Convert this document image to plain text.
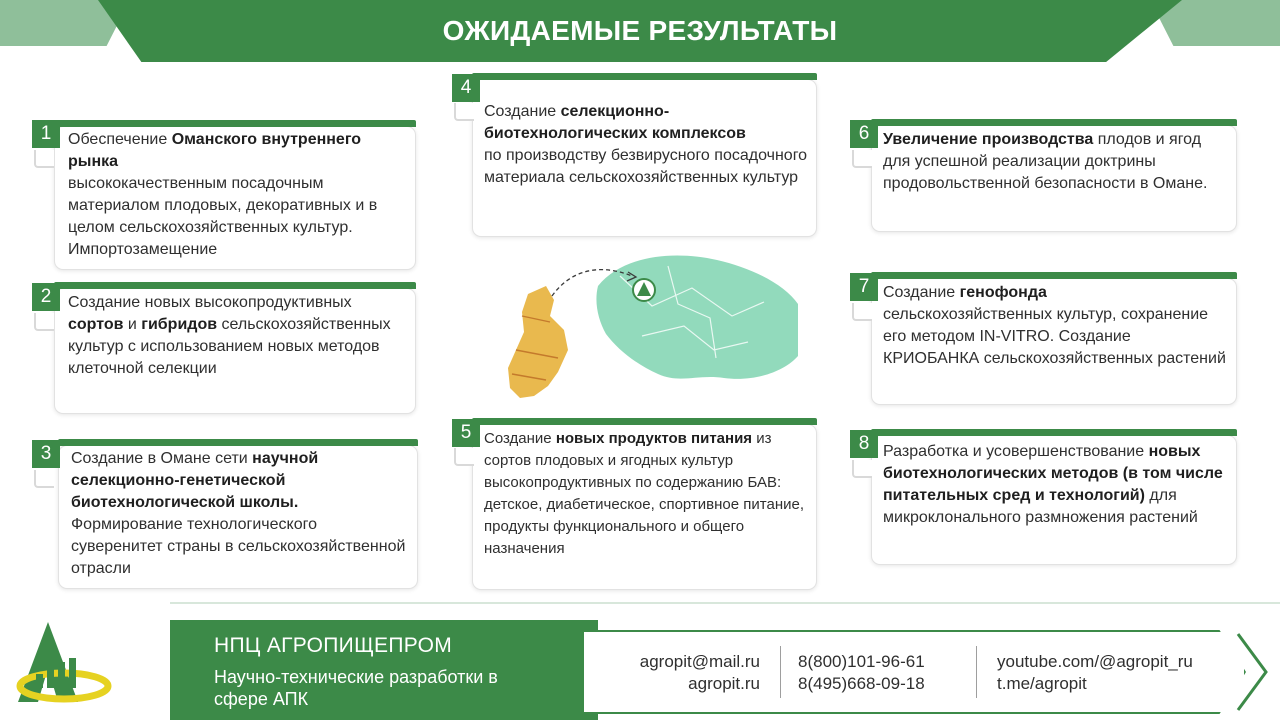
ОЖИДАЕМЫЕ РЕЗУЛЬТАТЫ
1	Обеспечение Оманского внутреннего рынка
высококачественным посадочным материалом плодовых, декоративных и в целом сельскохозяйственных культур. Импортозамещение
2	Создание новых высокопродуктивных сортов и гибридов сельскохозяйственных культур с использованием новых методов клеточной селекции
3	Создание в Омане сети научной селекционно-генетической биотехнологической школы.
Формирование технологического суверенитет страны в сельскохозяйственной отрасли
4
Создание селекционно-биотехнологических комплексов
по производству безвирусного посадочного материала сельскохозяйственных культур
5 Создание новых продуктов питания из сортов плодовых и ягодных культур высокопродуктивных по содержанию БАВ: детское, диабетическое, спортивное питание, продукты функционального и общего назначения
6 Увеличение производства плодов и ягод для успешной реализации доктрины продовольственной безопасности в Омане.
7 Создание генофонда
сельскохозяйственных культур, сохранение его методом IN-VITRO. Создание КРИОБАНКА сельскохозяйственных растений
8 Разработка и усовершенствование новых биотехнологических методов (в том числе питательных сред и технологий) для микроклонального размножения растений
НПЦ АГРОПИЩЕПРОМ
Научно-технические разработки в сфере АПК
agropit@mail.ru
agropit.ru
8(800)101-96-61
8(495)668-09-18
youtube.com/@agropit_ru
t.me/agropit
